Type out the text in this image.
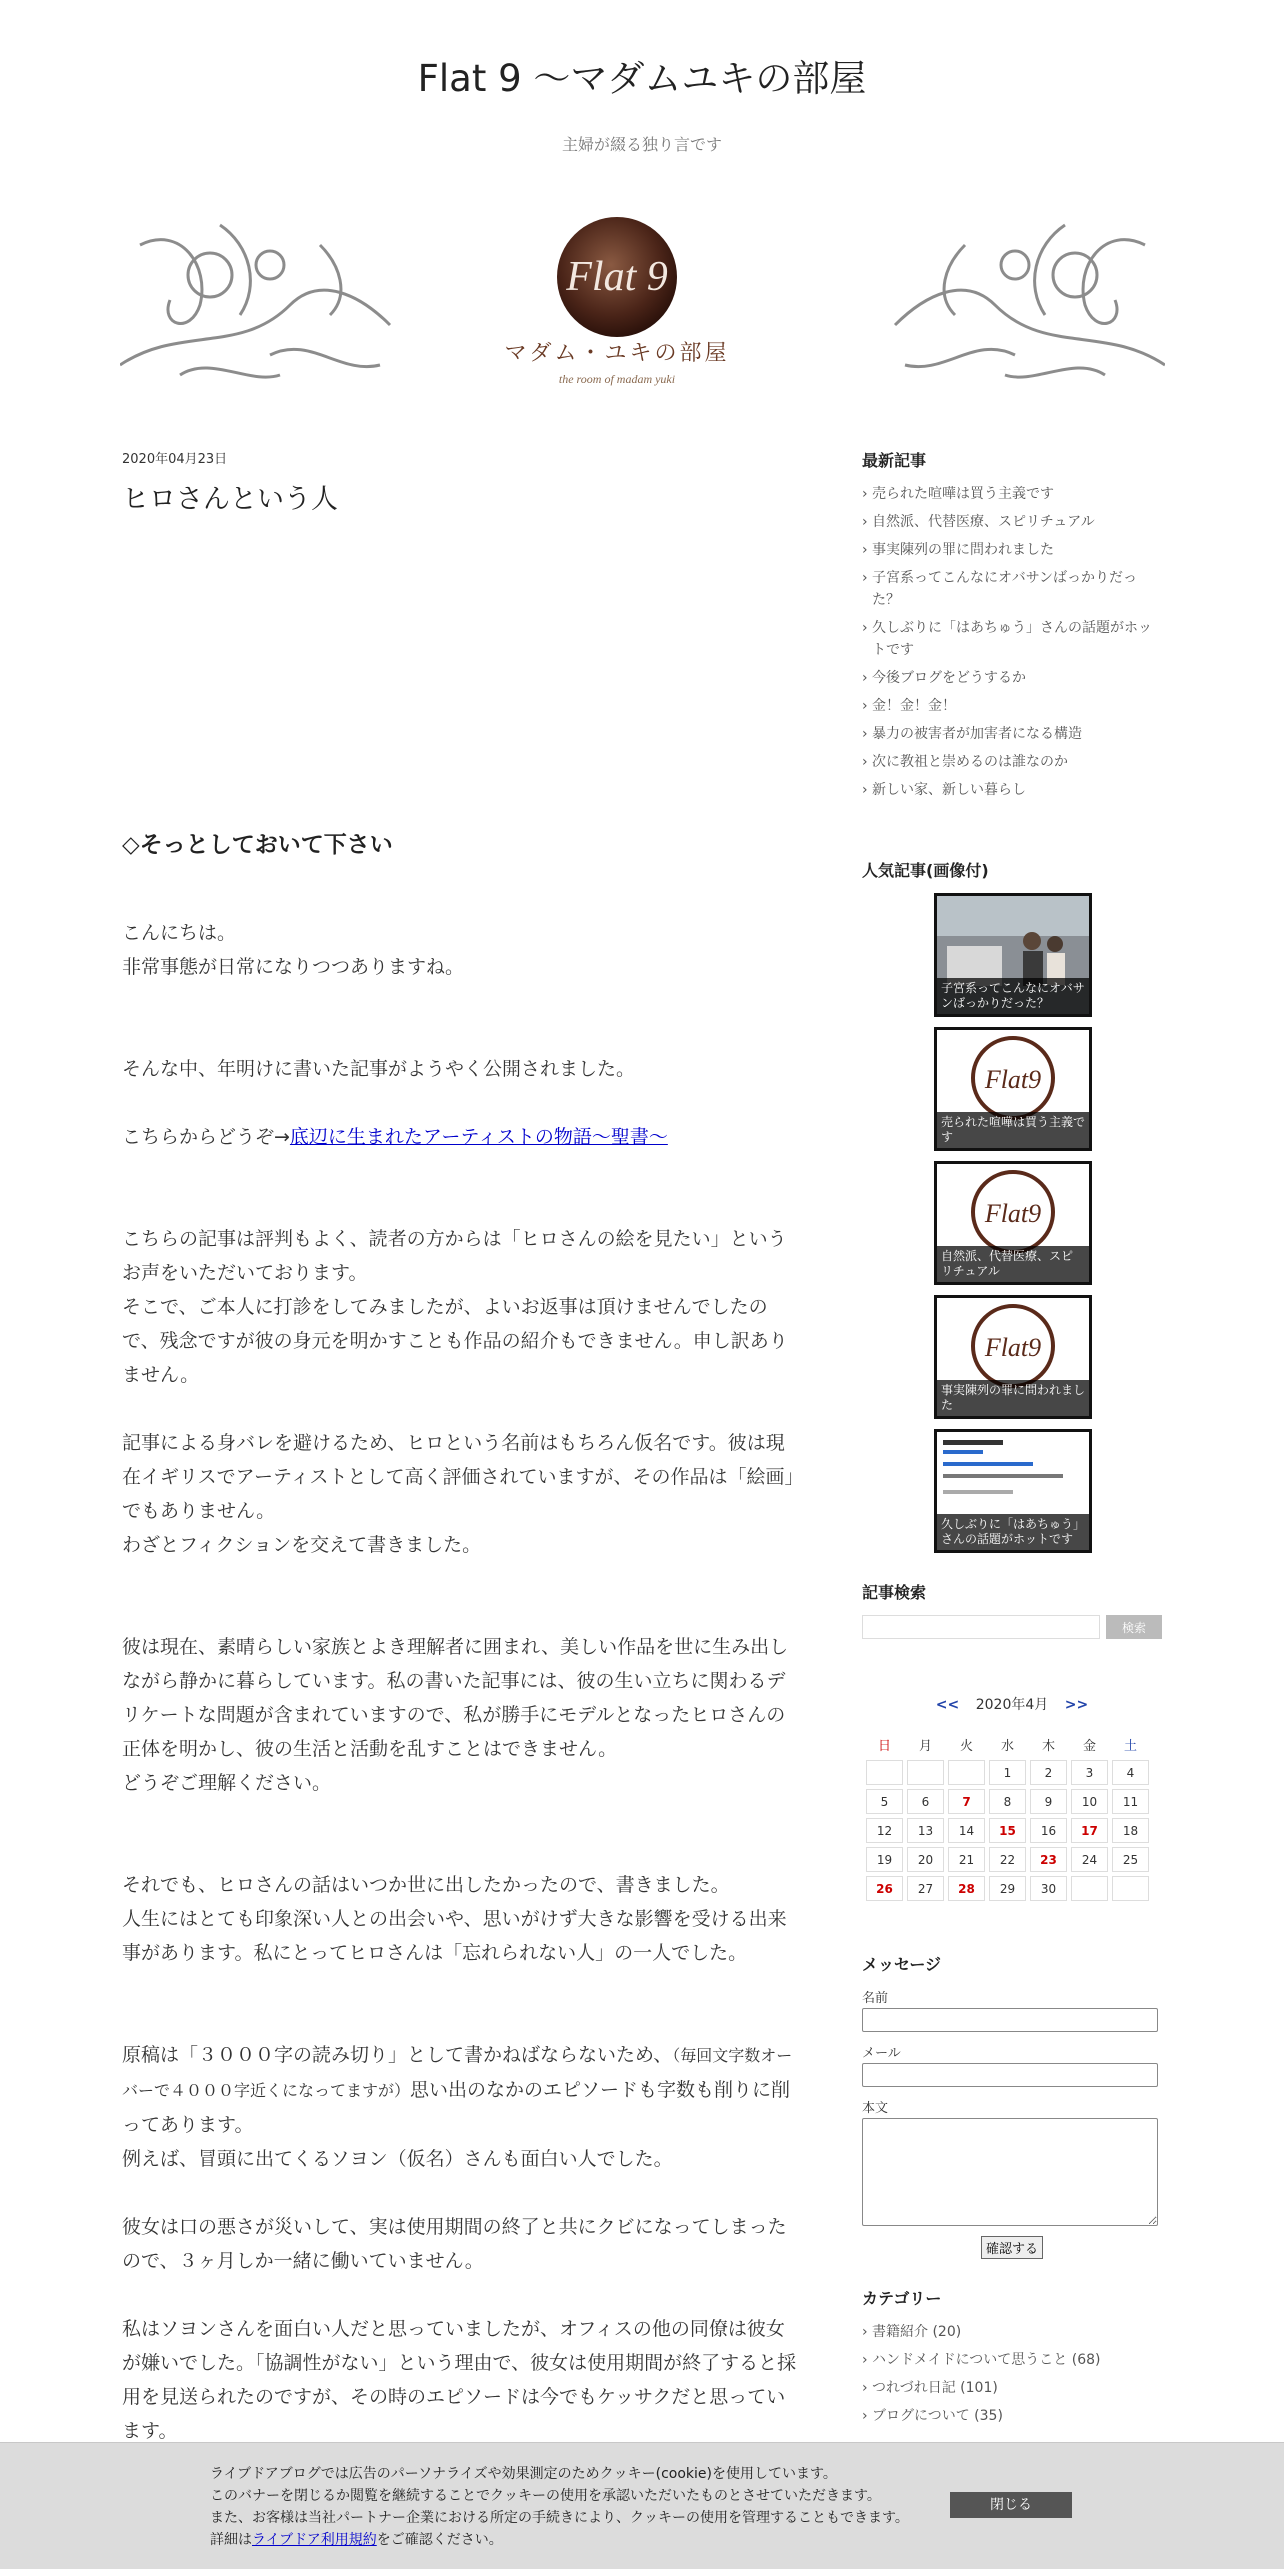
Flat 9 〜マダムユキの部屋
主婦が綴る独り言です
Flat 9
マダム・ユキの部屋
the room of madam yuki
2020年04月23日
ヒロさんという人

◇そっとしておいて下さい

こんにちは。

非常事態が日常になりつつありますね。

そんな中、年明けに書いた記事がようやく公開されました。

こちらからどうぞ→底辺に生まれたアーティストの物語〜聖書〜

こちらの記事は評判もよく、読者の方からは「ヒロさんの絵を見たい」というお声をいただいております。

そこで、ご本人に打診をしてみましたが、よいお返事は頂けませんでしたので、残念ですが彼の身元を明かすことも作品の紹介もできません。申し訳ありません。

記事による身バレを避けるため、ヒロという名前はもちろん仮名です。彼は現在イギリスでアーティストとして高く評価されていますが、その作品は「絵画」でもありません。

わざとフィクションを交えて書きました。

彼は現在、素晴らしい家族とよき理解者に囲まれ、美しい作品を世に生み出しながら静かに暮らしています。私の書いた記事には、彼の生い立ちに関わるデリケートな問題が含まれていますので、私が勝手にモデルとなったヒロさんの正体を明かし、彼の生活と活動を乱すことはできません。

どうぞご理解ください。

それでも、ヒロさんの話はいつか世に出したかったので、書きました。

人生にはとても印象深い人との出会いや、思いがけず大きな影響を受ける出来事があります。私にとってヒロさんは「忘れられない人」の一人でした。

原稿は「３０００字の読み切り」として書かねばならないため、（毎回文字数オーバーで４０００字近くになってますが）思い出のなかのエピソードも字数も削りに削ってあります。

例えば、冒頭に出てくるソヨン（仮名）さんも面白い人でした。

彼女は口の悪さが災いして、実は使用期間の終了と共にクビになってしまったので、３ヶ月しか一緒に働いていません。

私はソヨンさんを面白い人だと思っていましたが、オフィスの他の同僚は彼女が嫌いでした。「協調性がない」という理由で、彼女は使用期間が終了すると採用を見送られたのですが、その時のエピソードは今でもケッサクだと思っています。

最新記事
› 売られた喧嘩は買う主義です
› 自然派、代替医療、スピリチュアル
› 事実陳列の罪に問われました
› 子宮系ってこんなにオバサンばっかりだった？
› 久しぶりに「はあちゅう」さんの話題がホットです
› 今後ブログをどうするか
› 金！金！金！
› 暴力の被害者が加害者になる構造
› 次に教祖と崇めるのは誰なのか
› 新しい家、新しい暮らし
人気記事(画像付)
子宮系ってこんなにオバサンばっかりだった？
Flat9
売られた喧嘩は買う主義です
Flat9
自然派、代替医療、スピリチュアル
Flat9
事実陳列の罪に問われました
久しぶりに「はあちゅう」さんの話題がホットです
記事検索
検索
<< 2020年4月 >>
日	月	火	水	木	金	土
			1	2	3	4
5	6	7	8	9	10	11
12	13	14	15	16	17	18
19	20	21	22	23	24	25
26	27	28	29	30		
メッセージ
名前
メール
本文
確認する
カテゴリー
› 書籍紹介 (20)
› ハンドメイドについて思うこと (68)
› つれづれ日記 (101)
› ブログについて (35)
ライブドアブログでは広告のパーソナライズや効果測定のためクッキー(cookie)を使用しています。
このバナーを閉じるか閲覧を継続することでクッキーの使用を承認いただいたものとさせていただきます。
また、お客様は当社パートナー企業における所定の手続きにより、クッキーの使用を管理することもできます。
詳細はライブドア利用規約をご確認ください。
閉じる
